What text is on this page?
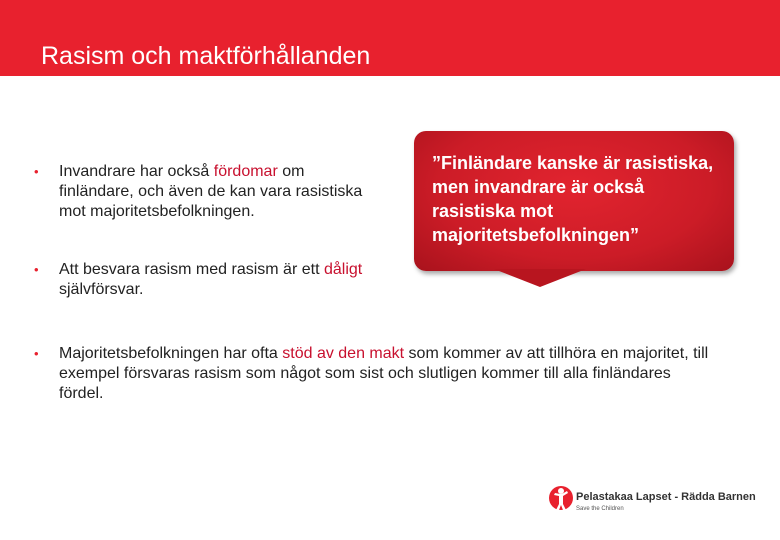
Rasism och maktförhållanden
• Invandrare har också fördomar om finländare, och även de kan vara rasistiska mot majoritetsbefolkningen.
• Att besvara rasism med rasism är ett dåligt självförsvar.
• Majoritetsbefolkningen har ofta stöd av den makt som kommer av att tillhöra en majoritet, till exempel försvaras rasism som något som sist och slutligen kommer till alla finländares fördel.
”Finländare kanske är rasistiska, men invandrare är också rasistiska mot majoritetsbefolkningen”
Pelastakaa Lapset - Rädda Barnen
Save the Children
